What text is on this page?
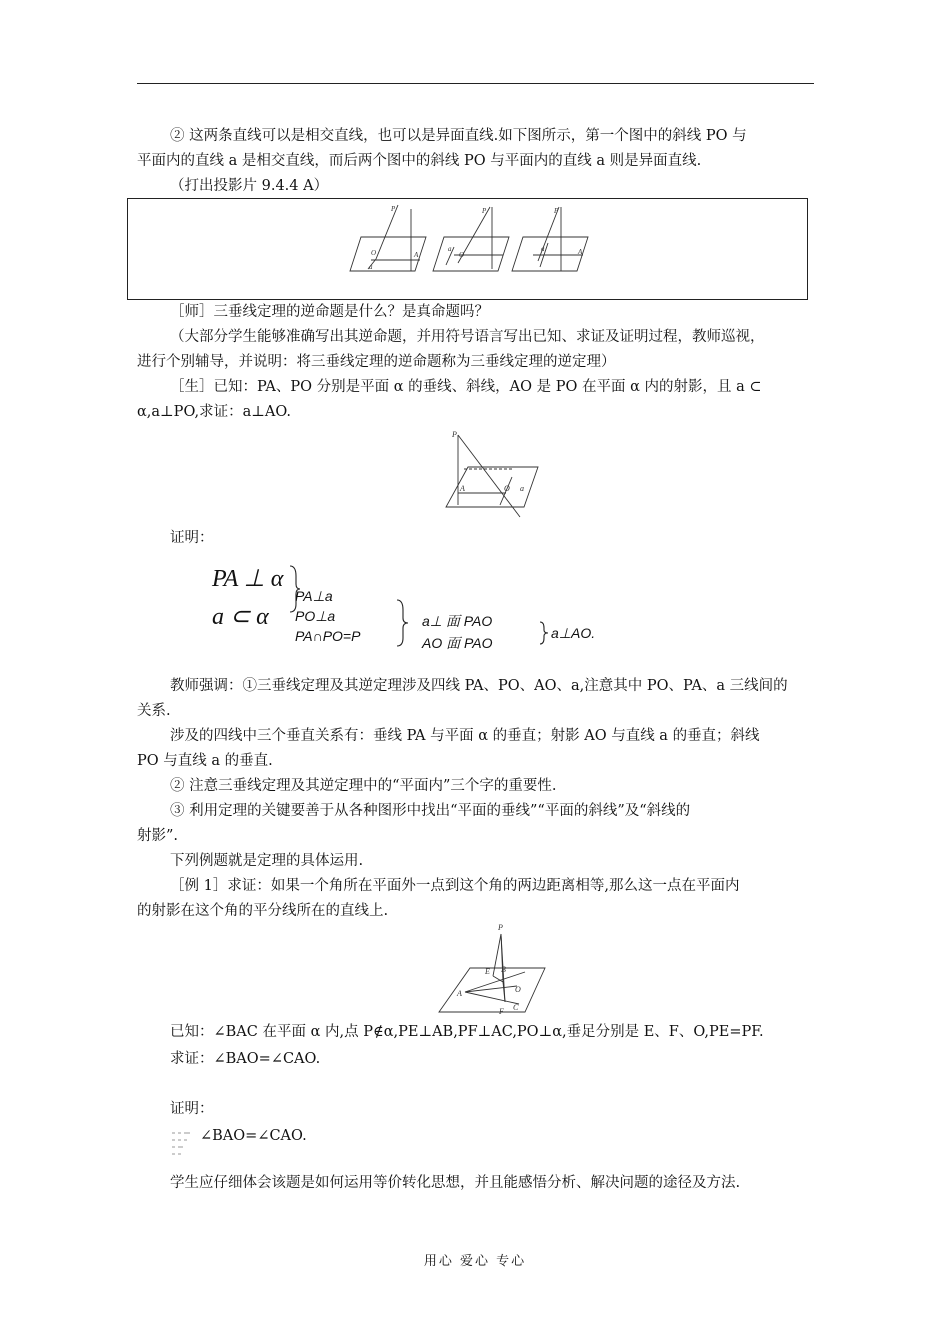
② 这两条直线可以是相交直线，也可以是异面直线.如下图所示，第一个图中的斜线 PO 与
平面内的直线 a 是相交直线，而后两个图中的斜线 PO 与平面内的直线 a 则是异面直线.
（打出投影片 9.4.4 A）
P
O	A
a
P
a
O
P
a	A
［师］三垂线定理的逆命题是什么？是真命题吗？
（大部分学生能够准确写出其逆命题，并用符号语言写出已知、求证及证明过程，教师巡视，
进行个别辅导，并说明：将三垂线定理的逆命题称为三垂线定理的逆定理）
［生］已知：PA、PO 分别是平面 α 的垂线、斜线，AO 是 PO 在平面 α 内的射影，且 a ⊂
α,a⊥PO,求证：a⊥AO.
P
A	O a
证明：
PA ⊥ α
a ⊂ α
PA⊥a
PO⊥a
PA∩PO=P
a⊥ 面 PAO
AO 面 PAO
a⊥AO.
教师强调：①三垂线定理及其逆定理涉及四线 PA、PO、AO、a,注意其中 PO、PA、a 三线间的
关系.
涉及的四线中三个垂直关系有：垂线 PA 与平面 α 的垂直；射影 AO 与直线 a 的垂直；斜线
PO 与直线 a 的垂直.
② 注意三垂线定理及其逆定理中的“平面内”三个字的重要性.
③ 利用定理的关键要善于从各种图形中找出“平面的垂线”“平面的斜线”及“斜线的
射影”.
下列例题就是定理的具体运用.
［例 1］求证：如果一个角所在平面外一点到这个角的两边距离相等,那么这一点在平面内
的射影在这个角的平分线所在的直线上.
P
E B
O
A
F C
已知：∠BAC 在平面 α 内,点 P∉α,PE⊥AB,PF⊥AC,PO⊥α,垂足分别是 E、F、O,PE=PF.
求证：∠BAO=∠CAO.
证明：
∠BAO=∠CAO.
学生应仔细体会该题是如何运用等价转化思想，并且能感悟分析、解决问题的途径及方法.
用心 爱心 专心
